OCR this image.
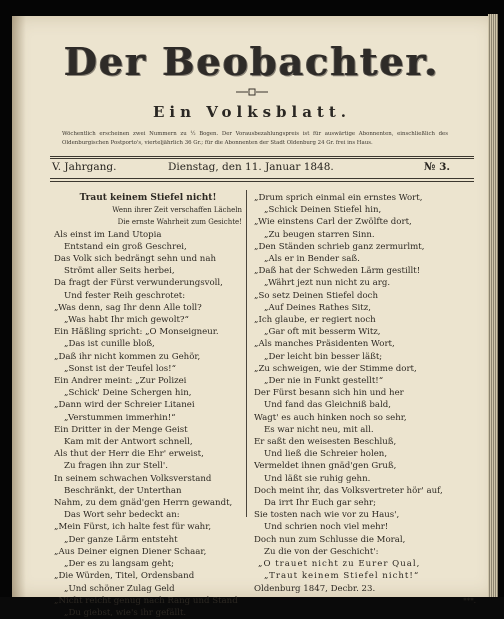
Der Beobachter.
Ein Volksblatt.
Wöchentlich erscheinen zwei Nummern zu ½ Bogen. Der Vorausbezahlungspreis ist für auswärtige Abonnenten, einschließlich des Oldenburgischen Postporto's, vierteljährlich 36 Gr.; für die Abonnenten der Stadt Oldenburg 24 Gr. frei ins Haus.
V. Jahrgang.	Dienstag, den 11. Januar 1848.	№ 3.
Traut keinem Stiefel nicht!
Wenn ihrer Zeit verschaffen Lächeln
Die ernste Wahrheit zum Gesichte!
Als einst im Land Utopia
Entstand ein groß Geschrei,
Das Volk sich bedrängt sehn und nah
Strömt aller Seits herbei,
Da fragt der Fürst verwunderungsvoll,
Und fester Reih geschrotet:
„Was denn, sag Ihr denn Alle toll?
„Was habt Ihr mich gewolt?“
Ein Häßling spricht: „O Monseigneur.
„Das ist cunille bloß,
„Daß ihr nicht kommen zu Gehör,
„Sonst ist der Teufel los!“
Ein Andrer meint: „Zur Polizei
„Schick' Deine Schergen hin,
„Dann wird der Schreier Litanei
„Verstummen immerhin!“
Ein Dritter in der Menge Geist
Kam mit der Antwort schnell,
Als thut der Herr die Ehr' erweist,
Zu fragen ihn zur Stell'.
In seinem schwachen Volksverstand
Beschränkt, der Unterthan
Nahm, zu dem gnäd'gen Herrn gewandt,
Das Wort sehr bedeckt an:
„Mein Fürst, ich halte fest für wahr,
„Der ganze Lärm entsteht
„Aus Deiner eignen Diener Schaar,
„Der es zu langsam geht;
„Die Würden, Titel, Ordensband
„Und schöner Zulag Geld
„Nicht reicht genug nach Rang und Stand
„Du giebst, wie's ihr gefällt.
„Drum sprich einmal ein ernstes Wort,
„Schick Deinen Stiefel hin,
„Wie einstens Carl der Zwölfte dort,
„Zu beugen starren Sinn.
„Den Ständen schrieb ganz zermurlmt,
„Als er in Bender saß.
„Daß hat der Schweden Lärm gestillt!
„Währt jezt nun nicht zu arg.
„So setz Deinen Stiefel doch
„Auf Deines Rathes Sitz,
„Ich glaube, er regiert noch
„Gar oft mit besserm Witz,
„Als manches Präsidenten Wort,
„Der leicht bin besser läßt;
„Zu schweigen, wie der Stimme dort,
„Der nie in Funkt gestellt!“
Der Fürst besann sich hin und her
Und fand das Gleichniß bald,
Wagt' es auch hinken noch so sehr,
Es war nicht neu, mit all.
Er saßt den weisesten Beschluß,
Und ließ die Schreier holen,
Vermeldet ihnen gnäd'gen Gruß,
Und läßt sie ruhig gehn.
Doch meint ihr, das Volksvertreter hör' auf,
Da irrt Ihr Euch gar sehr;
Sie tosten nach wie vor zu Haus',
Und schrien noch viel mehr!
Doch nun zum Schlusse die Moral,
Zu die von der Geschicht':
„O trauet nicht zu Eurer Qual,
„Traut keinem Stiefel nicht!“
Oldenburg 1847, Decbr. 23.
***.
